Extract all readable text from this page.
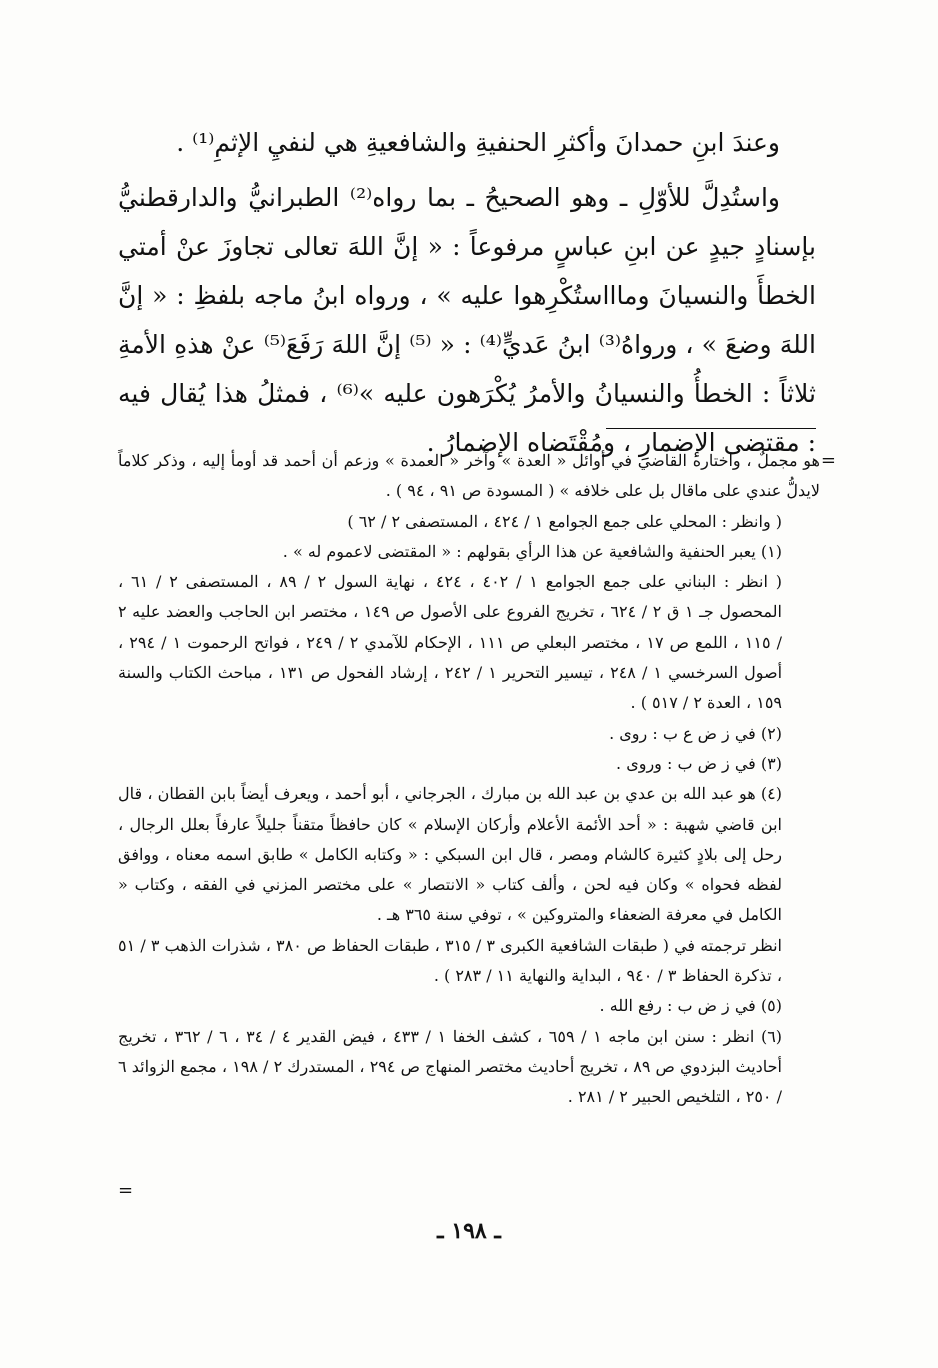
وعندَ ابنِ حمدانَ وأكثرِ الحنفيةِ والشافعيةِ هي لنفيِ الإثمِ⁽¹⁾ .

واستُدِلَّ للأوّلِ ـ وهو الصحيحُ ـ بما رواه⁽²⁾ الطبرانيُّ والدارقطنيُّ بإسنادٍ جيدٍ عن ابنِ عباسٍ مرفوعاً : « إنَّ اللهَ تعالى تجاوزَ عنْ أمتي الخطأَ والنسيانَ وماااستُكْرِهوا عليه » ، ورواه ابنُ ماجه بلفظِ : « إنَّ اللهَ وضعَ » ، ورواهُ⁽³⁾ ابنُ عَديٍّ⁽⁴⁾ : « ⁽⁵⁾ إنَّ اللهَ رَفَعَ⁽⁵⁾ عنْ هذهِ الأمةِ ثلاثاً : الخطأُ والنسيانُ والأمرُ يُكْرَهون عليه »⁽⁶⁾ ، فمثلُ هذا يُقال فيه : مقتضى الإضمارِ ، ومُقْتَضاه الإضمارُ .

=

هو مجملٌ ، واختاره القاضي في أوائل « العدة » وآخر « العمدة » وزعم أن أحمد قد أومأ إليه ، وذكر كلاماً لايدلُّ عندي على ماقال بل على خلافه » ( المسودة ص ٩١ ، ٩٤ ) .

( وانظر : المحلي على جمع الجوامع ١ / ٤٢٤ ، المستصفى ٢ / ٦٢ )

(١) يعبر الحنفية والشافعية عن هذا الرأي بقولهم : « المقتضى لاعموم له » .

( انظر : البناني على جمع الجوامع ١ / ٤٠٢ ، ٤٢٤ ، نهاية السول ٢ / ٨٩ ، المستصفى ٢ / ٦١ ، المحصول جـ ١ ق ٢ / ٦٢٤ ، تخريج الفروع على الأصول ص ١٤٩ ، مختصر ابن الحاجب والعضد عليه ٢ / ١١٥ ، اللمع ص ١٧ ، مختصر البعلي ص ١١١ ، الإحكام للآمدي ٢ / ٢٤٩ ، فواتح الرحموت ١ / ٢٩٤ ، أصول السرخسي ١ / ٢٤٨ ، تيسير التحرير ١ / ٢٤٢ ، إرشاد الفحول ص ١٣١ ، مباحث الكتاب والسنة ١٥٩ ، العدة ٢ / ٥١٧ ) .

(٢) في ز ض ع ب : روى .

(٣) في ز ض ب : وروى .

(٤) هو عبد الله بن عدي بن عبد الله بن مبارك ، الجرجاني ، أبو أحمد ، ويعرف أيضاً بابن القطان ، قال ابن قاضي شهبة : « أحد الأئمة الأعلام وأركان الإسلام » كان حافظاً متقناً جليلاً عارفاً بعلل الرجال ، رحل إلى بلادٍ كثيرة كالشام ومصر ، قال ابن السبكي : « وكتابه الكامل » طابق اسمه معناه ، ووافق لفظه فحواه » وكان فيه لحن ، وألف كتاب « الانتصار » على مختصر المزني في الفقه ، وكتاب « الكامل في معرفة الضعفاء والمتروكين » ، توفي سنة ٣٦٥ هـ .

انظر ترجمته في ( طبقات الشافعية الكبرى ٣ / ٣١٥ ، طبقات الحفاظ ص ٣٨٠ ، شذرات الذهب ٣ / ٥١ ، تذكرة الحفاظ ٣ / ٩٤٠ ، البداية والنهاية ١١ / ٢٨٣ ) .

(٥) في ز ض ب : رفع الله .

(٦) انظر : سنن ابن ماجه ١ / ٦٥٩ ، كشف الخفا ١ / ٤٣٣ ، فيض القدير ٤ / ٣٤ ، ٦ / ٣٦٢ ، تخريج أحاديث البزدوي ص ٨٩ ، تخريج أحاديث مختصر المنهاج ص ٢٩٤ ، المستدرك ٢ / ١٩٨ ، مجمع الزوائد ٦ / ٢٥٠ ، التلخيص الحبير ٢ / ٢٨١ .

=
ـ ١٩٨ ـ
